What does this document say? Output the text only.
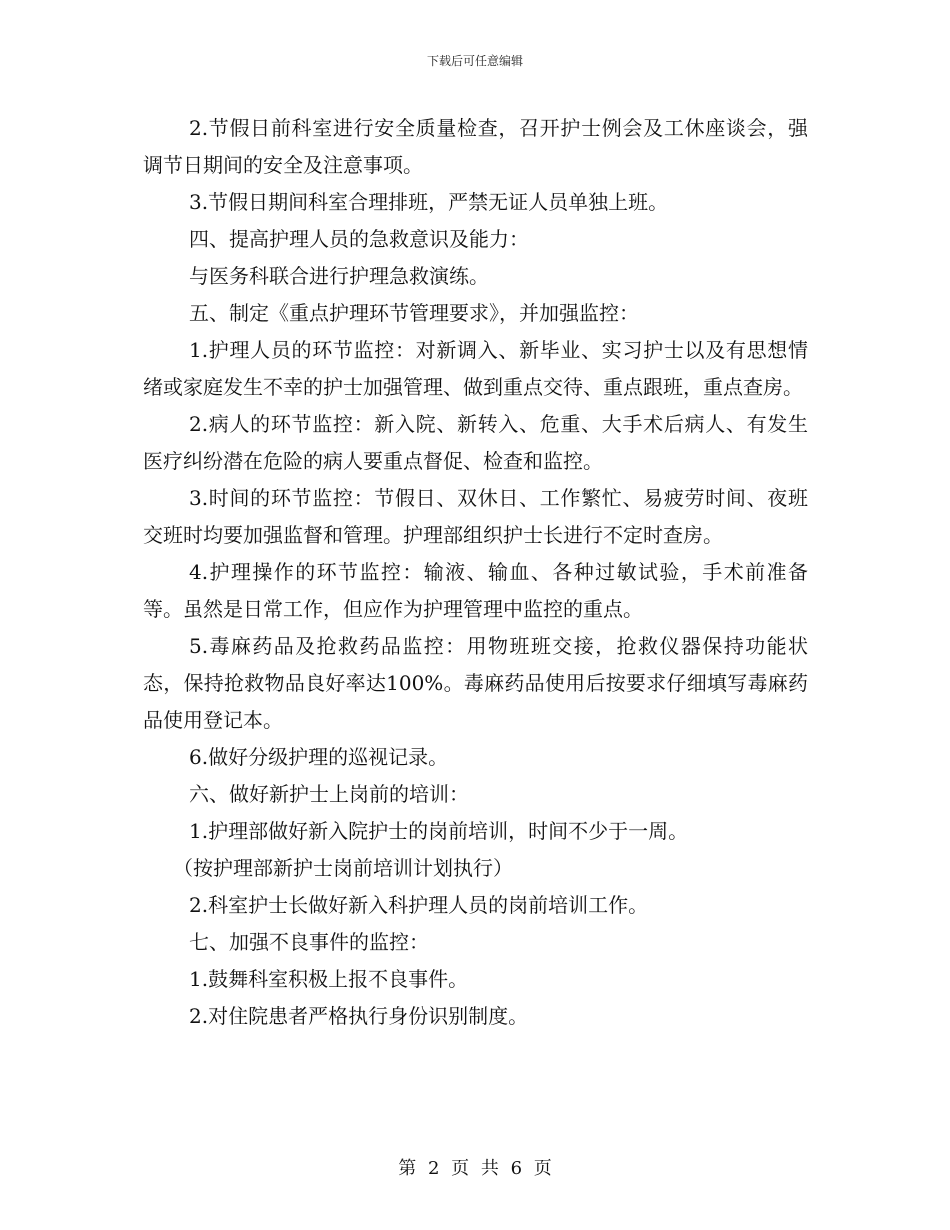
下载后可任意编辑

2.节假日前科室进行安全质量检查，召开护士例会及工休座谈会，强调节日期间的安全及注意事项。

3.节假日期间科室合理排班，严禁无证人员单独上班。

四、提高护理人员的急救意识及能力：

与医务科联合进行护理急救演练。

五、制定《重点护理环节管理要求》，并加强监控：

1.护理人员的环节监控：对新调入、新毕业、实习护士以及有思想情绪或家庭发生不幸的护士加强管理、做到重点交待、重点跟班，重点查房。

2.病人的环节监控：新入院、新转入、危重、大手术后病人、有发生医疗纠纷潜在危险的病人要重点督促、检查和监控。

3.时间的环节监控：节假日、双休日、工作繁忙、易疲劳时间、夜班交班时均要加强监督和管理。护理部组织护士长进行不定时查房。

4.护理操作的环节监控：输液、输血、各种过敏试验，手术前准备等。虽然是日常工作，但应作为护理管理中监控的重点。

5.毒麻药品及抢救药品监控：用物班班交接，抢救仪器保持功能状态，保持抢救物品良好率达100%。毒麻药品使用后按要求仔细填写毒麻药品使用登记本。

6.做好分级护理的巡视记录。

六、做好新护士上岗前的培训：

1.护理部做好新入院护士的岗前培训，时间不少于一周。

（按护理部新护士岗前培训计划执行）

2.科室护士长做好新入科护理人员的岗前培训工作。

七、加强不良事件的监控：

1.鼓舞科室积极上报不良事件。

2.对住院患者严格执行身份识别制度。

第 2 页 共 6 页
